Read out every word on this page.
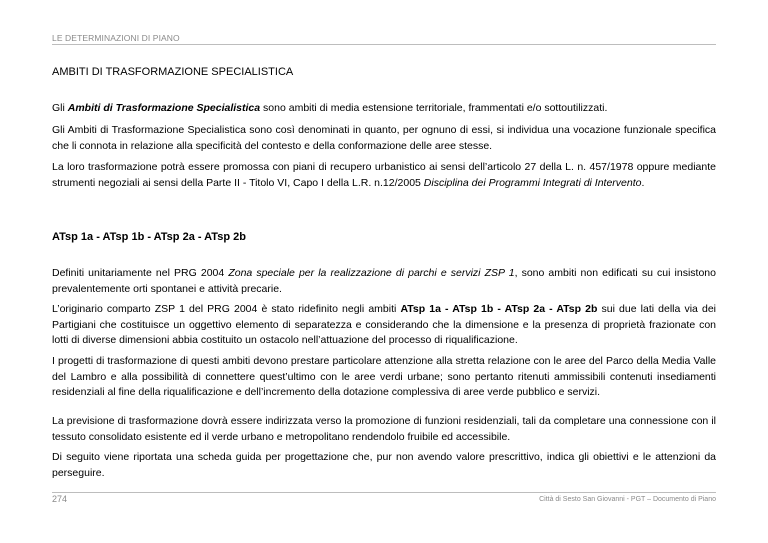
LE DETERMINAZIONI DI PIANO
AMBITI DI TRASFORMAZIONE SPECIALISTICA

Gli Ambiti di Trasformazione Specialistica sono ambiti di media estensione territoriale, frammentati e/o sottoutilizzati.

Gli Ambiti di Trasformazione Specialistica sono così denominati in quanto, per ognuno di essi, si individua una vocazione funzionale specifica che li connota in relazione alla specificità del contesto e della conformazione delle aree stesse.

La loro trasformazione potrà essere promossa con piani di recupero urbanistico ai sensi dell’articolo 27 della L. n. 457/1978 oppure mediante strumenti negoziali ai sensi della Parte II - Titolo VI, Capo I della L.R. n.12/2005 Disciplina dei Programmi Integrati di Intervento.

ATsp 1a - ATsp 1b - ATsp 2a - ATsp 2b

Definiti unitariamente nel PRG 2004 Zona speciale per la realizzazione di parchi e servizi ZSP 1, sono ambiti non edificati su cui insistono prevalentemente orti spontanei e attività precarie.

L’originario comparto ZSP 1 del PRG 2004 è stato ridefinito negli ambiti ATsp 1a - ATsp 1b - ATsp 2a - ATsp 2b sui due lati della via dei Partigiani che costituisce un oggettivo elemento di separatezza e considerando che la dimensione e la presenza di proprietà frazionate con lotti di diverse dimensioni abbia costituito un ostacolo nell’attuazione del processo di riqualificazione.

I progetti di trasformazione di questi ambiti devono prestare particolare attenzione alla stretta relazione con le aree del Parco della Media Valle del Lambro e alla possibilità di connettere quest’ultimo con le aree verdi urbane; sono pertanto ritenuti ammissibili contenuti insediamenti residenziali al fine della riqualificazione e dell’incremento della dotazione complessiva di aree verde pubblico e servizi.

La previsione di trasformazione dovrà essere indirizzata verso la promozione di funzioni residenziali, tali da completare una connessione con il tessuto consolidato esistente ed il verde urbano e metropolitano rendendolo fruibile ed accessibile.

Di seguito viene riportata una scheda guida per progettazione che, pur non avendo valore prescrittivo, indica gli obiettivi e le attenzioni da perseguire.

274	Città di Sesto San Giovanni - PGT – Documento di Piano
